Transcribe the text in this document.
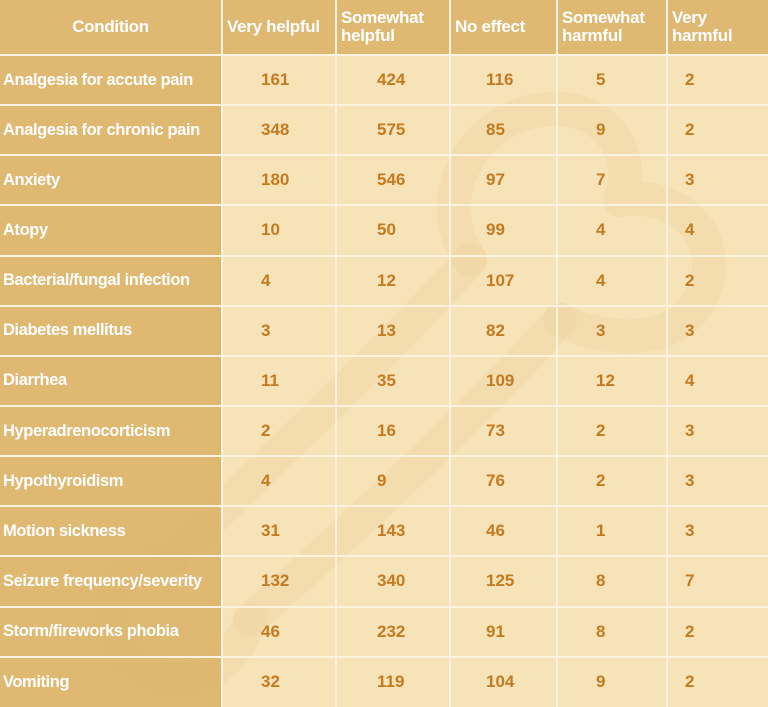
Condition	Very helpful	Somewhat helpful	No effect	Somewhat harmful	Very harmful
Analgesia for accute pain	161	424	116	5	2
Analgesia for chronic pain	348	575	85	9	2
Anxiety	180	546	97	7	3
Atopy	10	50	99	4	4
Bacterial/fungal infection	4	12	107	4	2
Diabetes mellitus	3	13	82	3	3
Diarrhea	11	35	109	12	4
Hyperadrenocorticism	2	16	73	2	3
Hypothyroidism	4	9	76	2	3
Motion sickness	31	143	46	1	3
Seizure frequency/severity	132	340	125	8	7
Storm/fireworks phobia	46	232	91	8	2
Vomiting	32	119	104	9	2
